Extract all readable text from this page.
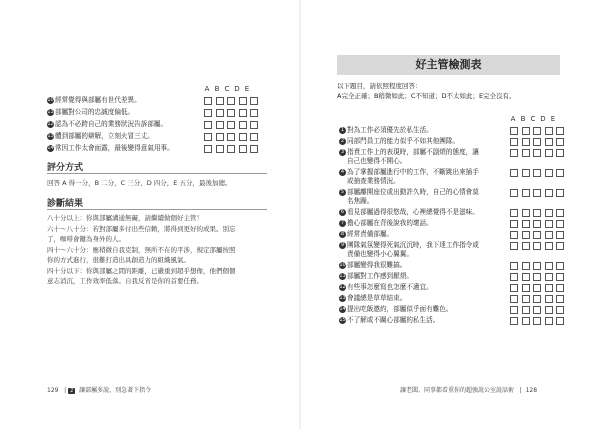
A B C D E
10經常覺得與部屬有世代差異。
11部屬對公司的忠誠度偏低。
12認為不必跨自己的業務狀況告訴部屬。
13體到部屬的辯解，立刻火冒三丈。
14常因工作太會面露，最後變得意氣用事。
評分方式
回答 A 得一分，B 二分，C 三分，D 四分，E 五分，最後加總。
診斷結果
八十分以上：你與部屬溝通無礙，請繼續做個好主管！
六十～八十分：若對部屬多付出些信賴，將得到更好的成果。別忘
了，咖啡會鍵為身外的人。
四十～六十分：應稍微自我克制，無所不在的平涉，規定部屬按照
你的方式進行，很難打造出具創造力的組織風氣。
四十分以下：你與部屬之間的距離，已嚴重到超乎想像，他們個個
意志消沉，工作效率低落。自我反省是你的首要任務。
129   | 2 讓部屬多說，別急著下指令
好主管檢測表
以下題目，請依照程度回答：
A完全正確；B稍微如此；C不知道；D不太如此；E完全沒有。
A B C D E
1 對為工作必須優先於私生活。
2 同部門員工的能力似乎不如其他團隊。
3 指責工作上的表現時，部屬不副煩的態度，讓
自己也變得不開心。
4 為了掌握部屬進行中的工作，不斷跳出來插手
或抽查業務情況。
5 部屬離開座位或出動許久時，自己的心情會莫
名焦躁。
6 看見部屬過得很悠哉，心裡總覺得不是滋味。
7 擔心部屬在背後說我的壞話。
8 經常責備部屬。
9 團隊氣氛變得死氣沉沉時，我下達工作指令或
責備也變得小心翼翼。
10部屬變得我很難搞。
11部屬對工作感到厭煩。
12有些事怎麼寫也怎麼不適宜。
13會議總是草草結束。
14提出吃飯邀約，部屬似乎面有難色。
15不了解或不關心部屬的私生活。
讓老闆、同事都看重你的超強說公室說話術   |  128
